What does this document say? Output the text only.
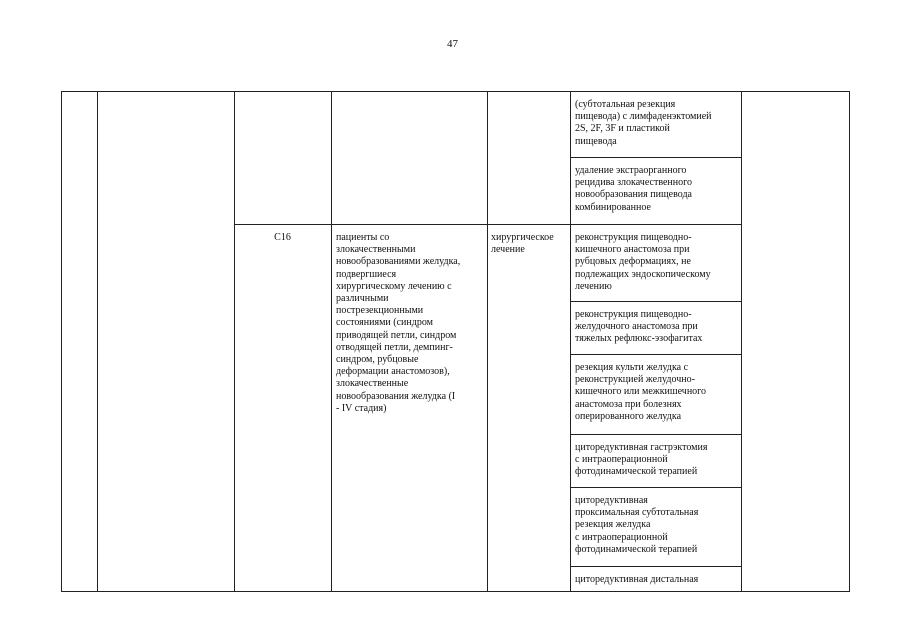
47
(субтотальная резекция
пищевода) с лимфаденэктомией
2S, 2F, 3F и пластикой
пищевода
удаление экстраорганного
рецидива злокачественного
новообразования пищевода
комбинированное
C16	пациенты со
злокачественными
новообразованиями желудка,
подвергшиеся
хирургическому лечению с
различными
пострезекционными
состояниями (синдром
приводящей петли, синдром
отводящей петли, демпинг-
синдром, рубцовые
деформации анастомозов),
злокачественные
новообразования желудка (I
- IV стадия)
хирургическое
лечение
реконструкция пищеводно-
кишечного анастомоза при
рубцовых деформациях, не
подлежащих эндоскопическому
лечению
реконструкция пищеводно-
желудочного анастомоза при
тяжелых рефлюкс-эзофагитах
резекция культи желудка с
реконструкцией желудочно-
кишечного или межкишечного
анастомоза при болезнях
оперированного желудка
циторедуктивная гастрэктомия
с интраоперационной
фотодинамической терапией
циторедуктивная
проксимальная субтотальная
резекция желудка
с интраоперационной
фотодинамической терапией
циторедуктивная дистальная
